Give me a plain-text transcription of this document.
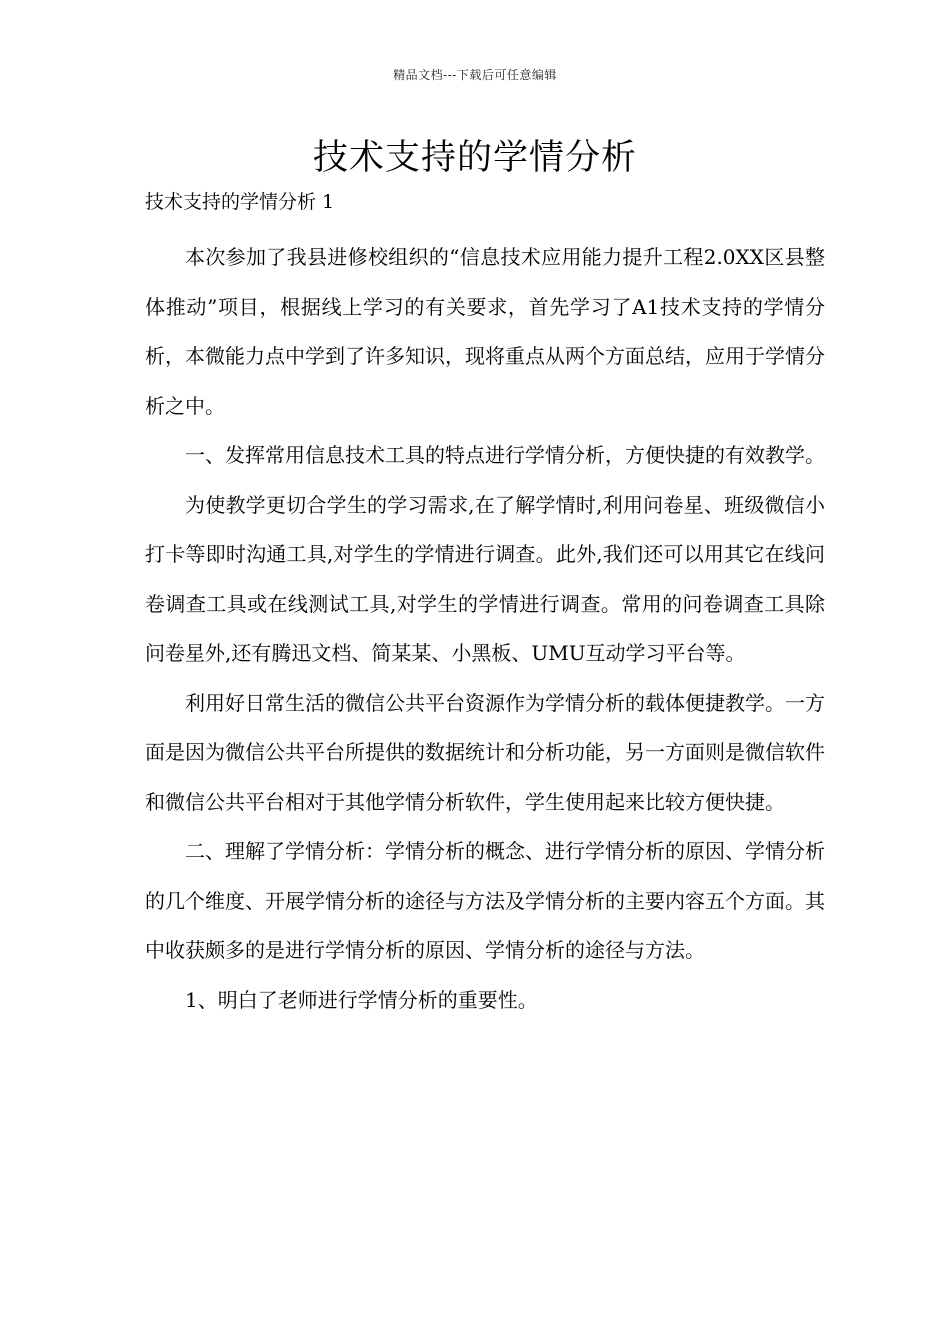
精品文档---下载后可任意编辑
技术支持的学情分析

技术支持的学情分析 1

本次参加了我县进修校组织的“信息技术应用能力提升工程2.0XX区县整体推动”项目，根据线上学习的有关要求，首先学习了A1技术支持的学情分析，本微能力点中学到了许多知识，现将重点从两个方面总结，应用于学情分析之中。

一、发挥常用信息技术工具的特点进行学情分析，方便快捷的有效教学。

为使教学更切合学生的学习需求,在了解学情时,利用问卷星、班级微信小打卡等即时沟通工具,对学生的学情进行调查。此外,我们还可以用其它在线问卷调查工具或在线测试工具,对学生的学情进行调查。常用的问卷调查工具除问卷星外,还有腾迅文档、简某某、小黑板、UMU互动学习平台等。

利用好日常生活的微信公共平台资源作为学情分析的载体便捷教学。一方面是因为微信公共平台所提供的数据统计和分析功能，另一方面则是微信软件和微信公共平台相对于其他学情分析软件，学生使用起来比较方便快捷。

二、理解了学情分析：学情分析的概念、进行学情分析的原因、学情分析的几个维度、开展学情分析的途径与方法及学情分析的主要内容五个方面。其中收获颇多的是进行学情分析的原因、学情分析的途径与方法。

1、明白了老师进行学情分析的重要性。
